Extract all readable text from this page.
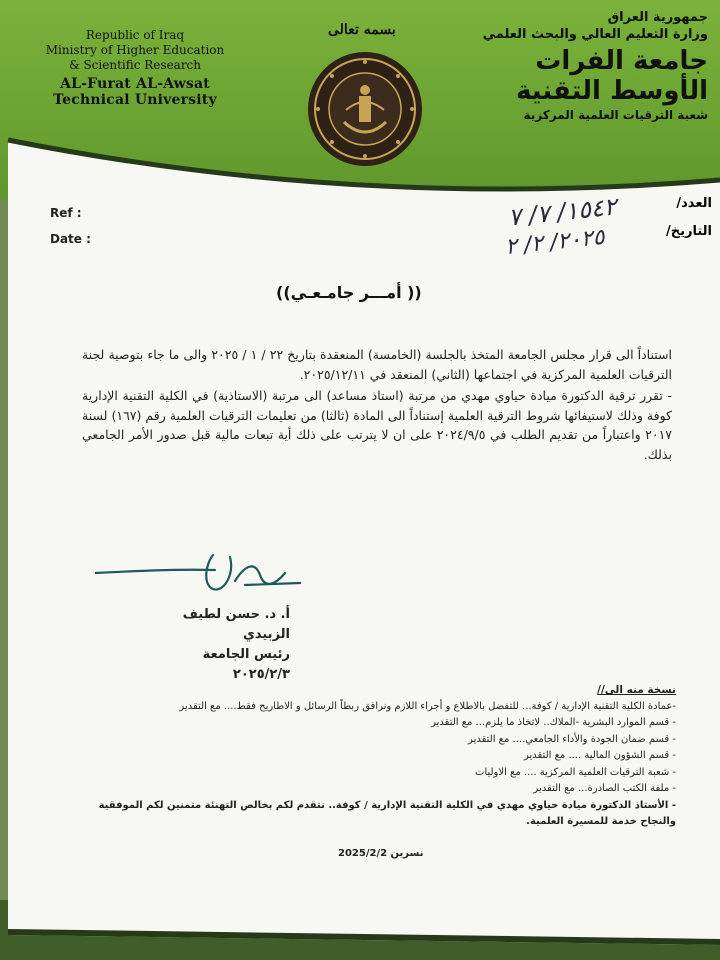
Republic of Iraq
Ministry of Higher Education
& Scientific Research
AL-Furat AL-Awsat Technical University
بسمه تعالى
جمهورية العراق
وزارة التعليم العالي والبحث العلمي
جامعة الفرات الأوسط التقنية
شعبة الترقيات العلمية المركزية
Ref :
Date :
العدد/
التاريخ/
١٥٤٢/ ٧/ ٧
٢٠٢٥/ ٢/ ٢
(( أمـــر جامـعـي))

استناداً الى قرار مجلس الجامعة المتخذ بالجلسة (الخامسة) المنعقدة بتاريخ ٢٢ / ١ / ٢٠٢٥ والى ما جاء بتوصية لجنة الترقيات العلمية المركزية في اجتماعها (الثاني) المنعقد في ٢٠٢٥/١٢/١١.

- تقرر ترقية الدكتورة ميادة حياوي مهدي من مرتبة (استاذ مساعد) الى مرتبة (الاستاذية) في الكلية التقنية الإدارية كوفة وذلك لاستيفائها شروط الترقية العلمية إستناداً الى المادة (ثالثا) من تعليمات الترقيات العلمية رقم (١٦٧) لسنة ٢٠١٧ واعتباراً من تقديم الطلب في ٢٠٢٤/٩/٥ على ان لا يترتب على ذلك أية تبعات مالية قبل صدور الأمر الجامعي بذلك.

أ. د. حسن لطيف الزبيدي
رئيس الجامعة
٢٠٢٥/٢/٣
نسخة منه الى//
-عمادة الكلية التقنية الإدارية / كوفة... للتفضل بالاطلاع و أجراء اللازم ونرافق ربطاً الرسائل و الاطاريح فقط.... مع التقدير
- قسم الموارد البشرية -الملاك.. لاتخاذ ما يلزم... مع التقدير
- قسم ضمان الجودة والأداء الجامعي.... مع التقدير
- قسم الشؤون المالية .... مع التقدير
- شعبة الترقيات العلمية المركزية .... مع الاوليات
- ملفة الكتب الصادرة... مع التقدير
- الأستاذ الدكتورة ميادة حياوي مهدي في الكلية التقنية الإدارية / كوفة.. نتقدم لكم بخالص التهنئة متمنين لكم الموفقية والنجاح خدمة للمسيرة العلمية.
نسرين 2025/2/2
